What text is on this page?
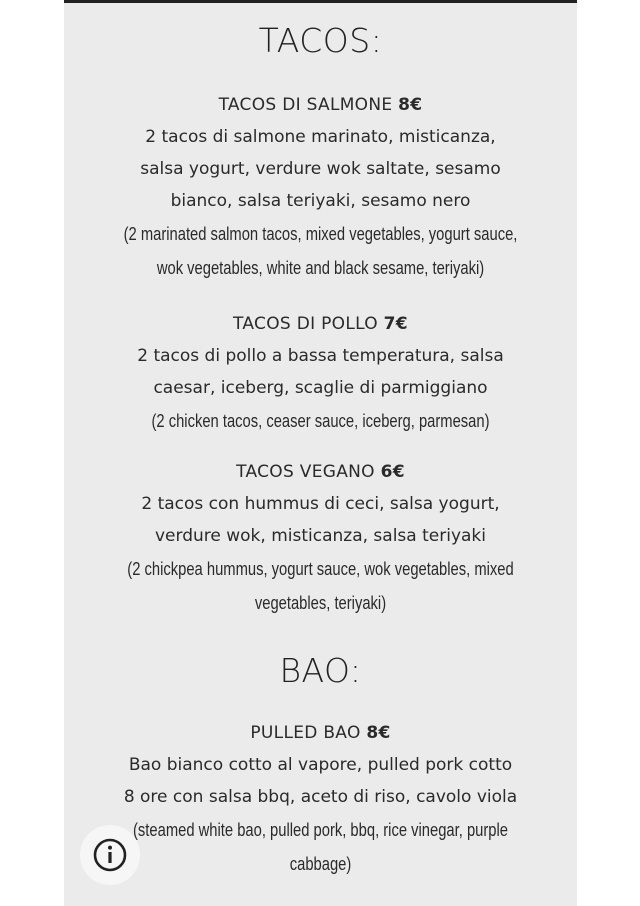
TACOS:
TACOS DI SALMONE 8€
2 tacos di salmone marinato, misticanza,
salsa yogurt, verdure wok saltate, sesamo
bianco, salsa teriyaki, sesamo nero
(2 marinated salmon tacos, mixed vegetables, yogurt sauce,
wok vegetables, white and black sesame, teriyaki)
TACOS DI POLLO 7€
2 tacos di pollo a bassa temperatura, salsa
caesar, iceberg, scaglie di parmiggiano
(2 chicken tacos, ceaser sauce, iceberg, parmesan)
TACOS VEGANO 6€
2 tacos con hummus di ceci, salsa yogurt,
verdure wok, misticanza, salsa teriyaki
(2 chickpea hummus, yogurt sauce, wok vegetables, mixed
vegetables, teriyaki)
BAO:
PULLED BAO 8€
Bao bianco cotto al vapore, pulled pork cotto
8 ore con salsa bbq, aceto di riso, cavolo viola
(steamed white bao, pulled pork, bbq, rice vinegar, purple
cabbage)
